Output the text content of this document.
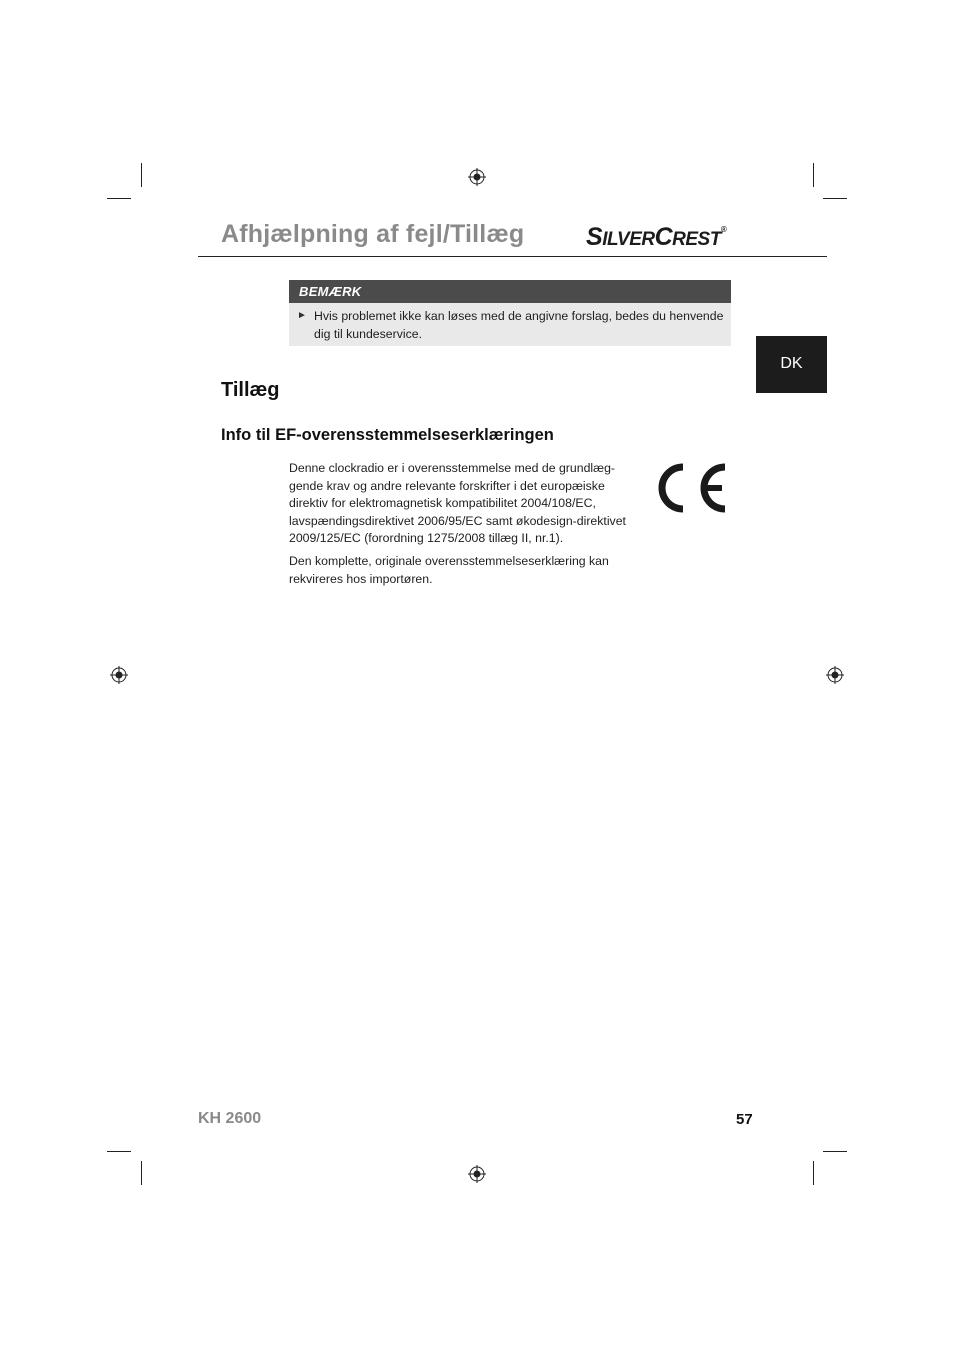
Afhjælpning af fejl/Tillæg SILVERCREST®
BEMÆRK
► Hvis problemet ikke kan løses med de angivne forslag, bedes du henvende dig til kundeservice.
DK
Tillæg
Info til EF-overensstemmelseserklæringen
Denne clockradio er i overensstemmelse med de grundlæg-
gende krav og andre relevante forskrifter i det europæiske
direktiv for elektromagnetisk kompatibilitet 2004/108/EC,
lavspændingsdirektivet 2006/95/EC samt økodesign-direktivet
2009/125/EC (forordning 1275/2008 tillæg II, nr.1).
Den komplette, originale overensstemmelseserklæring kan
rekvireres hos importøren.
KH 2600	57
